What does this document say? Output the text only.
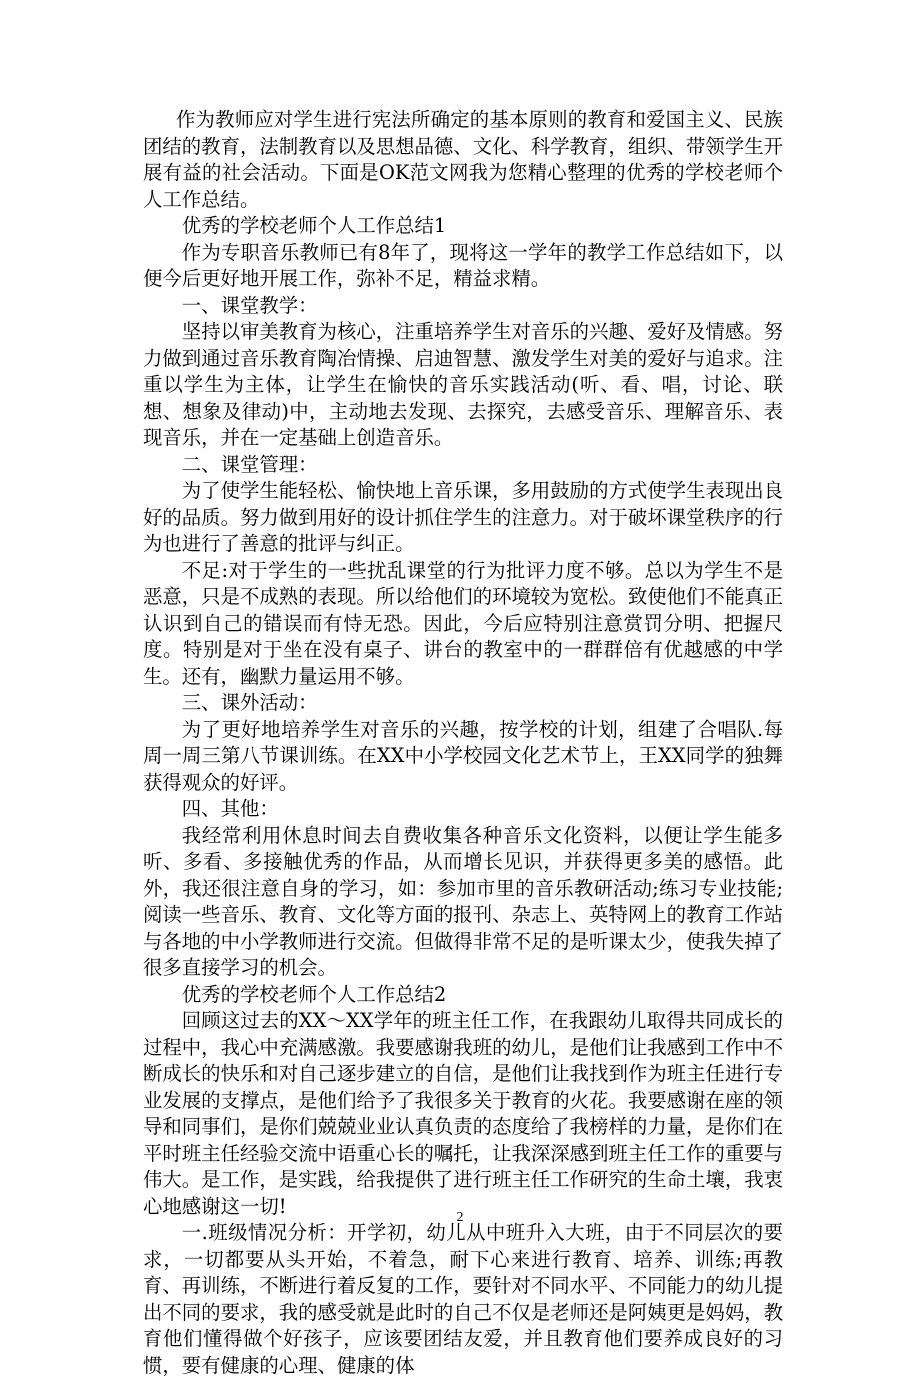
作为教师应对学生进行宪法所确定的基本原则的教育和爱国主义、民族团结的教育，法制教育以及思想品德、文化、科学教育，组织、带领学生开展有益的社会活动。下面是OK范文网我为您精心整理的优秀的学校老师个人工作总结。

优秀的学校老师个人工作总结1

作为专职音乐教师已有8年了，现将这一学年的教学工作总结如下，以便今后更好地开展工作，弥补不足，精益求精。

一、课堂教学：

坚持以审美教育为核心，注重培养学生对音乐的兴趣、爱好及情感。努力做到通过音乐教育陶冶情操、启迪智慧、激发学生对美的爱好与追求。注重以学生为主体，让学生在愉快的音乐实践活动(听、看、唱，讨论、联想、想象及律动)中，主动地去发现、去探究，去感受音乐、理解音乐、表现音乐，并在一定基础上创造音乐。

二、课堂管理：

为了使学生能轻松、愉快地上音乐课，多用鼓励的方式使学生表现出良好的品质。努力做到用好的设计抓住学生的注意力。对于破坏课堂秩序的行为也进行了善意的批评与纠正。

不足:对于学生的一些扰乱课堂的行为批评力度不够。总以为学生不是恶意，只是不成熟的表现。所以给他们的环境较为宽松。致使他们不能真正认识到自己的错误而有恃无恐。因此，今后应特别注意赏罚分明、把握尺度。特别是对于坐在没有桌子、讲台的教室中的一群群倍有优越感的中学生。还有，幽默力量运用不够。

三、课外活动：

为了更好地培养学生对音乐的兴趣，按学校的计划，组建了合唱队.每周一周三第八节课训练。在XX中小学校园文化艺术节上，王XX同学的独舞获得观众的好评。

四、其他：

我经常利用休息时间去自费收集各种音乐文化资料，以便让学生能多听、多看、多接触优秀的作品，从而增长见识，并获得更多美的感悟。此外，我还很注意自身的学习，如：参加市里的音乐教研活动;练习专业技能;阅读一些音乐、教育、文化等方面的报刊、杂志上、英特网上的教育工作站与各地的中小学教师进行交流。但做得非常不足的是听课太少，使我失掉了很多直接学习的机会。

优秀的学校老师个人工作总结2

回顾这过去的XX～XX学年的班主任工作，在我跟幼儿取得共同成长的过程中，我心中充满感激。我要感谢我班的幼儿，是他们让我感到工作中不断成长的快乐和对自己逐步建立的自信，是他们让我找到作为班主任进行专业发展的支撑点，是他们给予了我很多关于教育的火花。我要感谢在座的领导和同事们，是你们兢兢业业认真负责的态度给了我榜样的力量，是你们在平时班主任经验交流中语重心长的嘱托，让我深深感到班主任工作的重要与伟大。是工作，是实践，给我提供了进行班主任工作研究的生命土壤，我衷心地感谢这一切!

一.班级情况分析：开学初，幼儿从中班升入大班，由于不同层次的要求，一切都要从头开始，不着急，耐下心来进行教育、培养、训练;再教育、再训练，不断进行着反复的工作，要针对不同水平、不同能力的幼儿提出不同的要求，我的感受就是此时的自己不仅是老师还是阿姨更是妈妈，教育他们懂得做个好孩子，应该要团结友爱，并且教育他们要养成良好的习惯，要有健康的心理、健康的体

2
